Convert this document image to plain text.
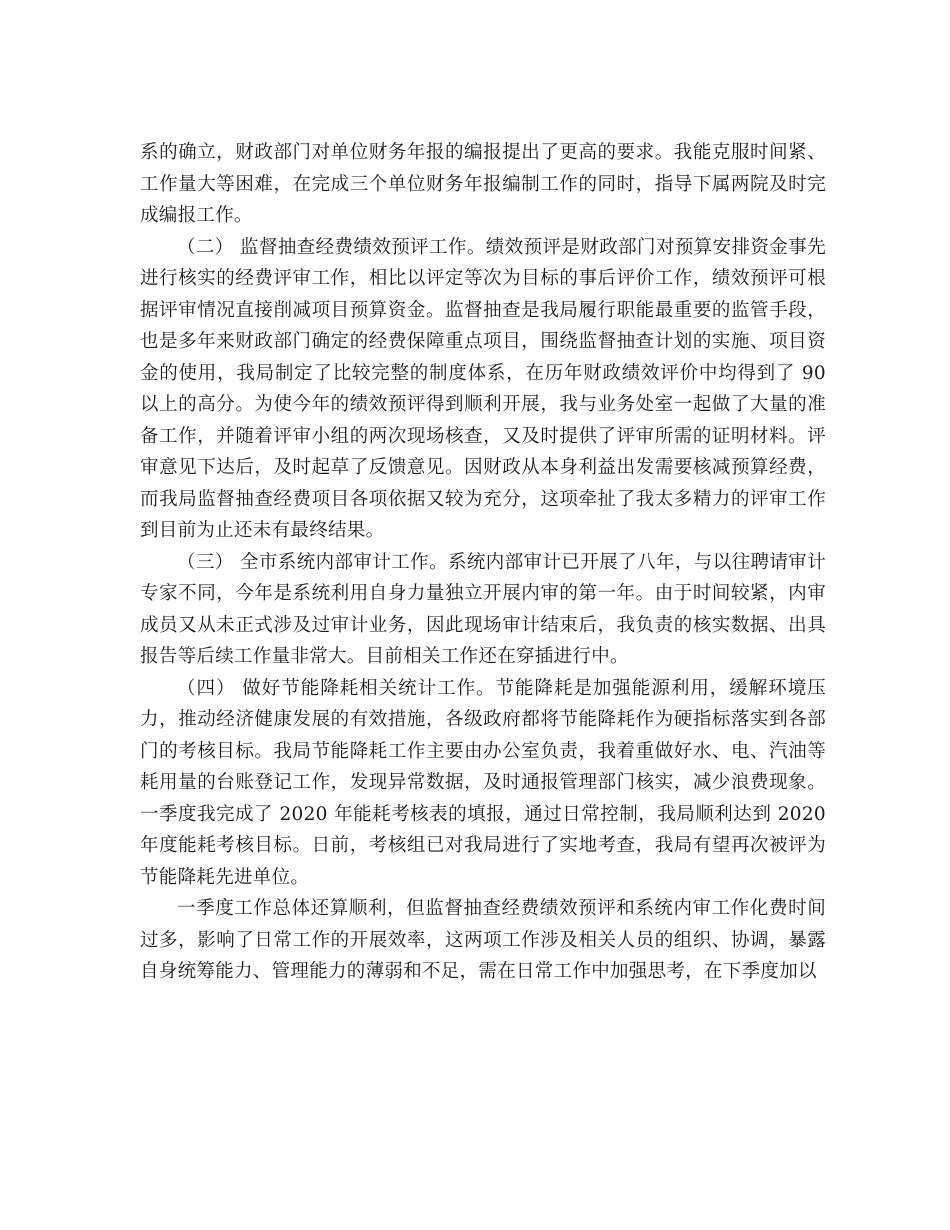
系的确立，财政部门对单位财务年报的编报提出了更高的要求。我能克服时间紧、工作量大等困难，在完成三个单位财务年报编制工作的同时，指导下属两院及时完成编报工作。

（二） 监督抽查经费绩效预评工作。绩效预评是财政部门对预算安排资金事先进行核实的经费评审工作，相比以评定等次为目标的事后评价工作，绩效预评可根据评审情况直接削减项目预算资金。监督抽查是我局履行职能最重要的监管手段，也是多年来财政部门确定的经费保障重点项目，围绕监督抽查计划的实施、项目资金的使用，我局制定了比较完整的制度体系，在历年财政绩效评价中均得到了 90以上的高分。为使今年的绩效预评得到顺利开展，我与业务处室一起做了大量的准备工作，并随着评审小组的两次现场核查，又及时提供了评审所需的证明材料。评审意见下达后，及时起草了反馈意见。因财政从本身利益出发需要核减预算经费，而我局监督抽查经费项目各项依据又较为充分，这项牵扯了我太多精力的评审工作到目前为止还未有最终结果。

（三） 全市系统内部审计工作。系统内部审计已开展了八年，与以往聘请审计专家不同，今年是系统利用自身力量独立开展内审的第一年。由于时间较紧，内审成员又从未正式涉及过审计业务，因此现场审计结束后，我负责的核实数据、出具报告等后续工作量非常大。目前相关工作还在穿插进行中。

（四） 做好节能降耗相关统计工作。节能降耗是加强能源利用，缓解环境压力，推动经济健康发展的有效措施，各级政府都将节能降耗作为硬指标落实到各部门的考核目标。我局节能降耗工作主要由办公室负责，我着重做好水、电、汽油等耗用量的台账登记工作，发现异常数据，及时通报管理部门核实，减少浪费现象。一季度我完成了 2020 年能耗考核表的填报，通过日常控制，我局顺利达到 2020 年度能耗考核目标。日前，考核组已对我局进行了实地考查，我局有望再次被评为节能降耗先进单位。

一季度工作总体还算顺利，但监督抽查经费绩效预评和系统内审工作化费时间过多，影响了日常工作的开展效率，这两项工作涉及相关人员的组织、协调，暴露自身统筹能力、管理能力的薄弱和不足，需在日常工作中加强思考，在下季度加以
